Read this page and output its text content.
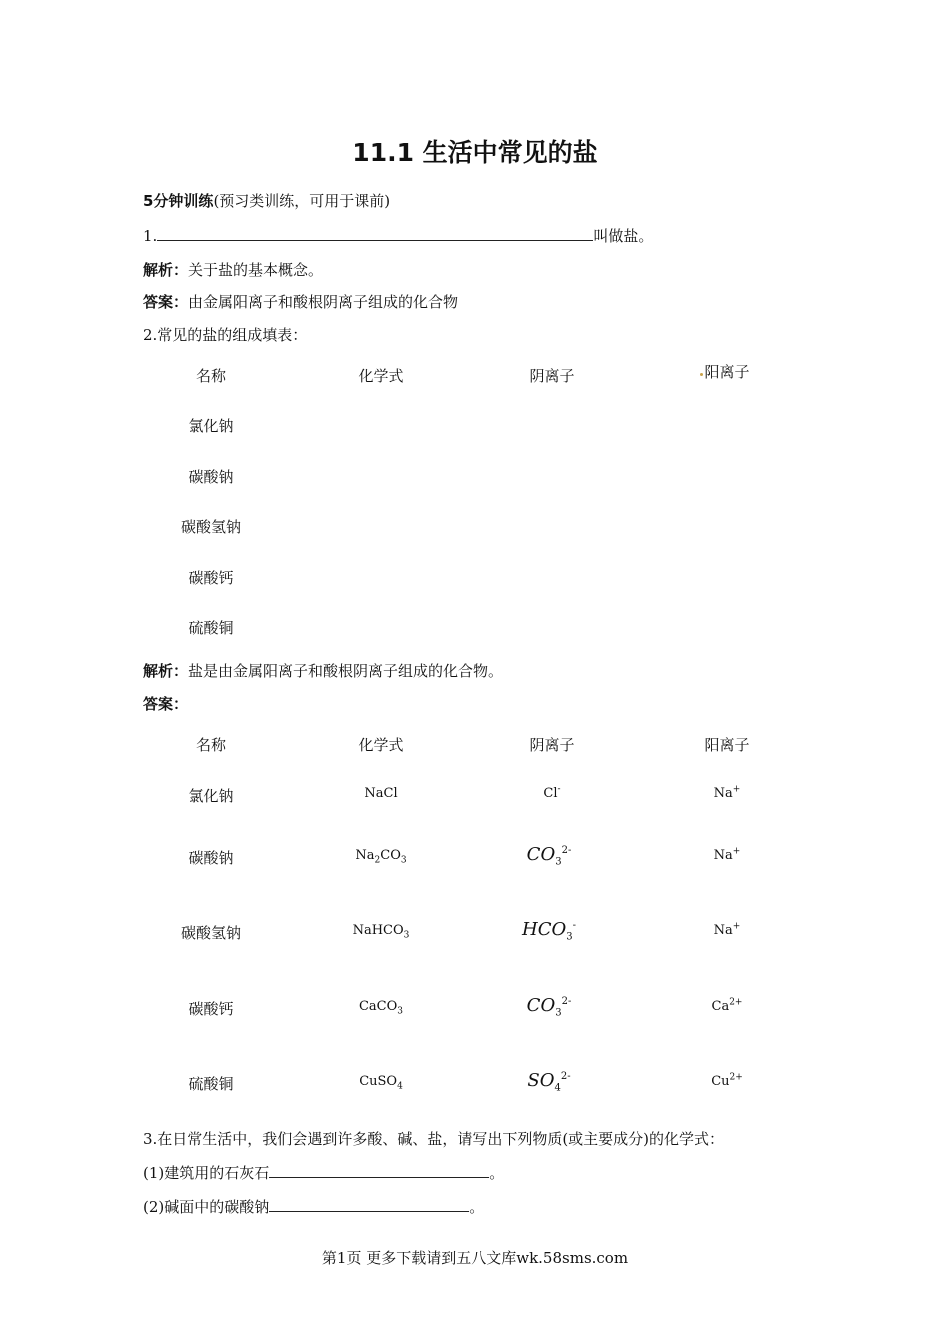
11.1 生活中常见的盐
5分钟训练(预习类训练，可用于课前)
1.	叫做盐。
解析：关于盐的基本概念。
答案：由金属阳离子和酸根阴离子组成的化合物
2.常见的盐的组成填表：
名称	化学式	阴离子	阳离子
氯化钠
碳酸钠
碳酸氢钠
碳酸钙
硫酸铜
解析：盐是由金属阳离子和酸根阴离子组成的化合物。
答案：
名称	化学式	阴离子	阳离子
氯化钠	NaCl	Cl-	Na+
碳酸钠	$Na_2CO_3$	$CO_3^{2-}$	Na+
碳酸氢钠	NaHCO$_3$	$HCO_3^-$	Na+
碳酸钙	CaCO$_3$	$CO_3^{2-}$	$Ca^{2+}$
硫酸铜	CuSO$_4$	$SO_4^{2-}$	$Cu^{2+}$
3.在日常生活中，我们会遇到许多酸、碱、盐，请写出下列物质(或主要成分)的化学式：
(1)建筑用的石灰石	。
(2)碱面中的碳酸钠	。
第1页 更多下载请到五八文库wk.58sms.com
